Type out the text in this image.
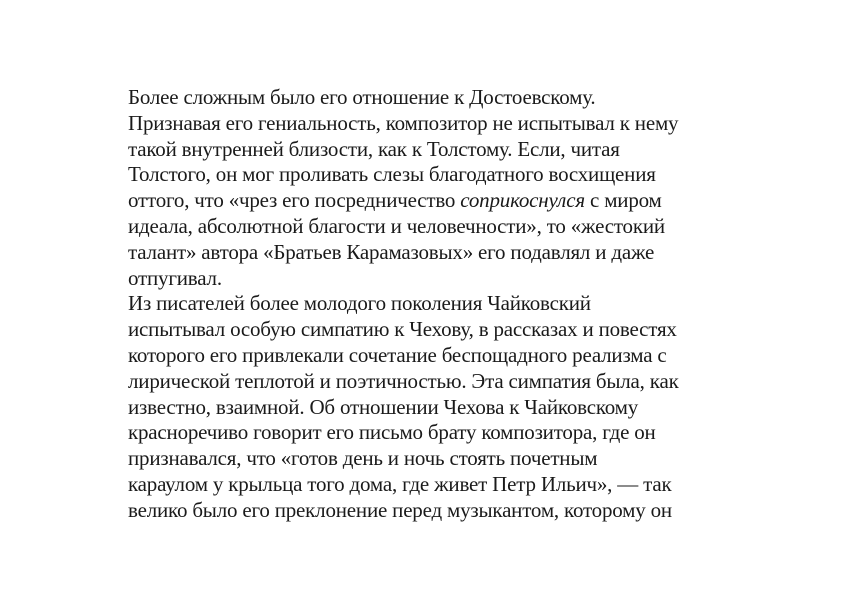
Более сложным было его отношение к Достоевскому.
Признавая его гениальность, композитор не испытывал к нему
такой внутренней близости, как к Толстому. Если, читая
Толстого, он мог проливать слезы благодатного восхищения
оттого, что «чрез его посредничество соприкоснулся с миром
идеала, абсолютной благости и человечности», то «жестокий
талант» автора «Братьев Карамазовых» его подавлял и даже
отпугивал.
Из писателей более молодого поколения Чайковский
испытывал особую симпатию к Чехову, в рассказах и повестях
которого его привлекали сочетание беспощадного реализма с
лирической теплотой и поэтичностью. Эта симпатия была, как
известно, взаимной. Об отношении Чехова к Чайковскому
красноречиво говорит его письмо брату композитора, где он
признавался, что «готов день и ночь стоять почетным
караулом у крыльца того дома, где живет Петр Ильич», — так
велико было его преклонение перед музыкантом, которому он
